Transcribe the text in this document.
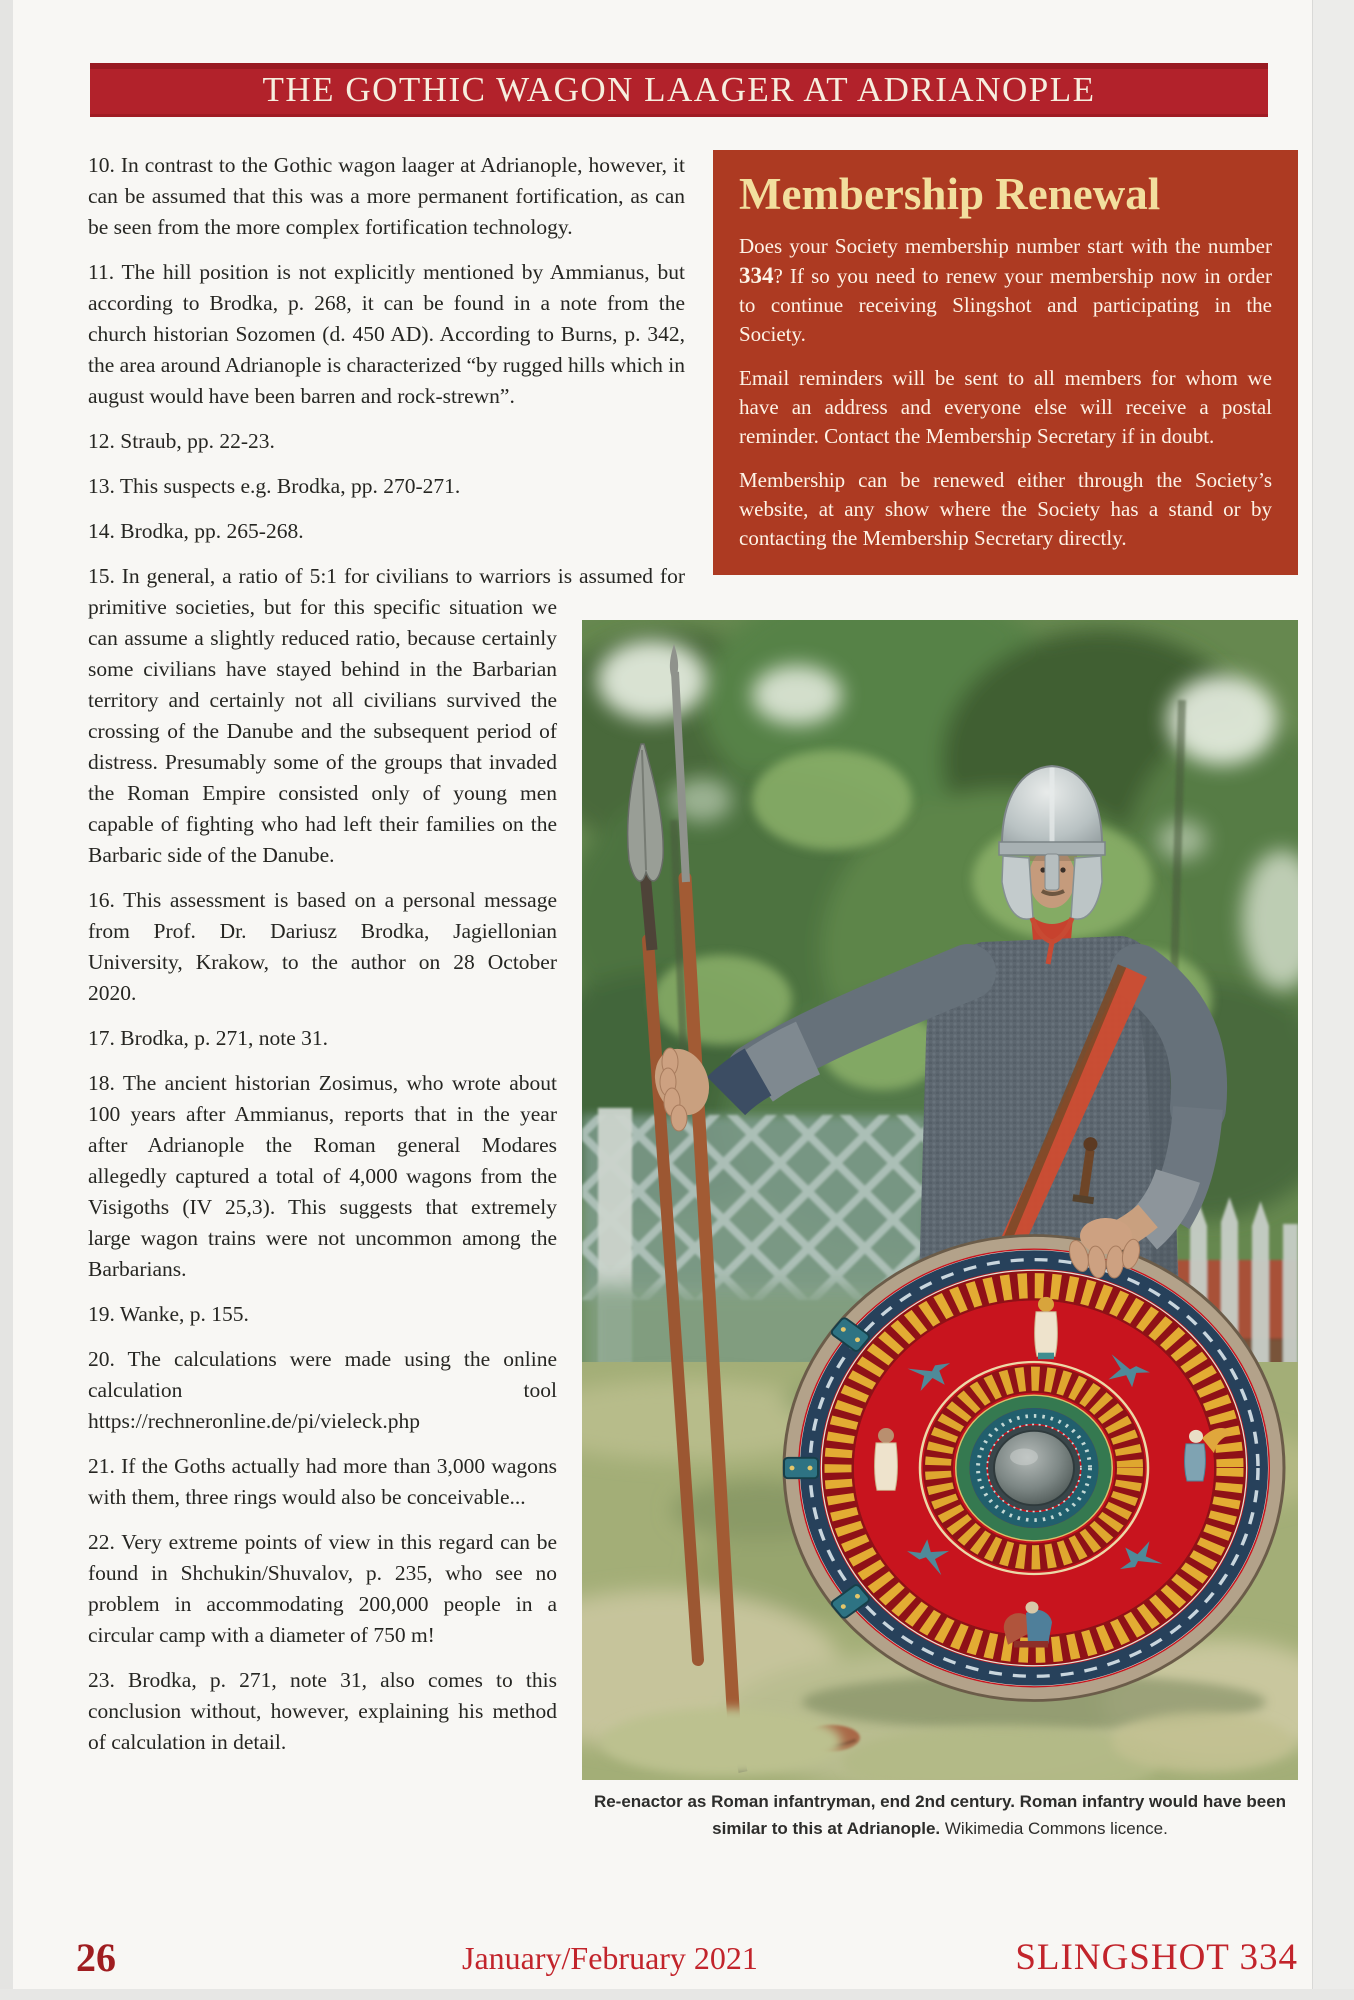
THE GOTHIC WAGON LAAGER AT ADRIANOPLE
Membership Renewal

Does your Society membership number start with the number 334? If so you need to renew your membership now in order to continue receiving Slingshot and participating in the Society.

Email reminders will be sent to all members for whom we have an address and everyone else will receive a postal reminder. Contact the Membership Secretary if in doubt.

Membership can be renewed either through the Society’s website, at any show where the Society has a stand or by contacting the Membership Secretary directly.

Re-enactor as Roman infantryman, end 2nd century. Roman infantry would have been similar to this at Adrianople. Wikimedia Commons licence.

10. In contrast to the Gothic wagon laager at Adrianople, however, it can be assumed that this was a more permanent fortification, as can be seen from the more complex fortification technology.

11. The hill position is not explicitly mentioned by Ammianus, but according to Brodka, p. 268, it can be found in a note from the church historian Sozomen (d. 450 AD). According to Burns, p. 342, the area around Adrianople is characterized “by rugged hills which in august would have been barren and rock-strewn”.

12. Straub, pp. 22-23.

13. This suspects e.g. Brodka, pp. 270-271.

14. Brodka, pp. 265-268.

15. In general, a ratio of 5:1 for civilians to warriors is assumed for primitive societies, but for this specific situation we can assume a slightly reduced ratio, because certainly some civilians have stayed behind in the Barbarian territory and certainly not all civilians survived the crossing of the Danube and the subsequent period of distress. Presumably some of the groups that invaded the Roman Empire consisted only of young men capable of fighting who had left their families on the Barbaric side of the Danube.

16. This assessment is based on a personal message from Prof. Dr. Dariusz Brodka, Jagiellonian University, Krakow, to the author on 28 October 2020.

17. Brodka, p. 271, note 31.

18. The ancient historian Zosimus, who wrote about 100 years after Ammianus, reports that in the year after Adrianople the Roman general Modares allegedly captured a total of 4,000 wagons from the Visigoths (IV 25,3). This suggests that extremely large wagon trains were not uncommon among the Barbarians.

19. Wanke, p. 155.

20. The calculations were made using the online calculation tool https://rechneronline.de/pi/vieleck.php

21. If the Goths actually had more than 3,000 wagons with them, three rings would also be conceivable...

22. Very extreme points of view in this regard can be found in Shchukin/Shuvalov, p. 235, who see no problem in accommodating 200,000 people in a circular camp with a diameter of 750 m!

23. Brodka, p. 271, note 31, also comes to this conclusion without, however, explaining his method of calculation in detail.

26	January/February 2021	SLINGSHOT 334
